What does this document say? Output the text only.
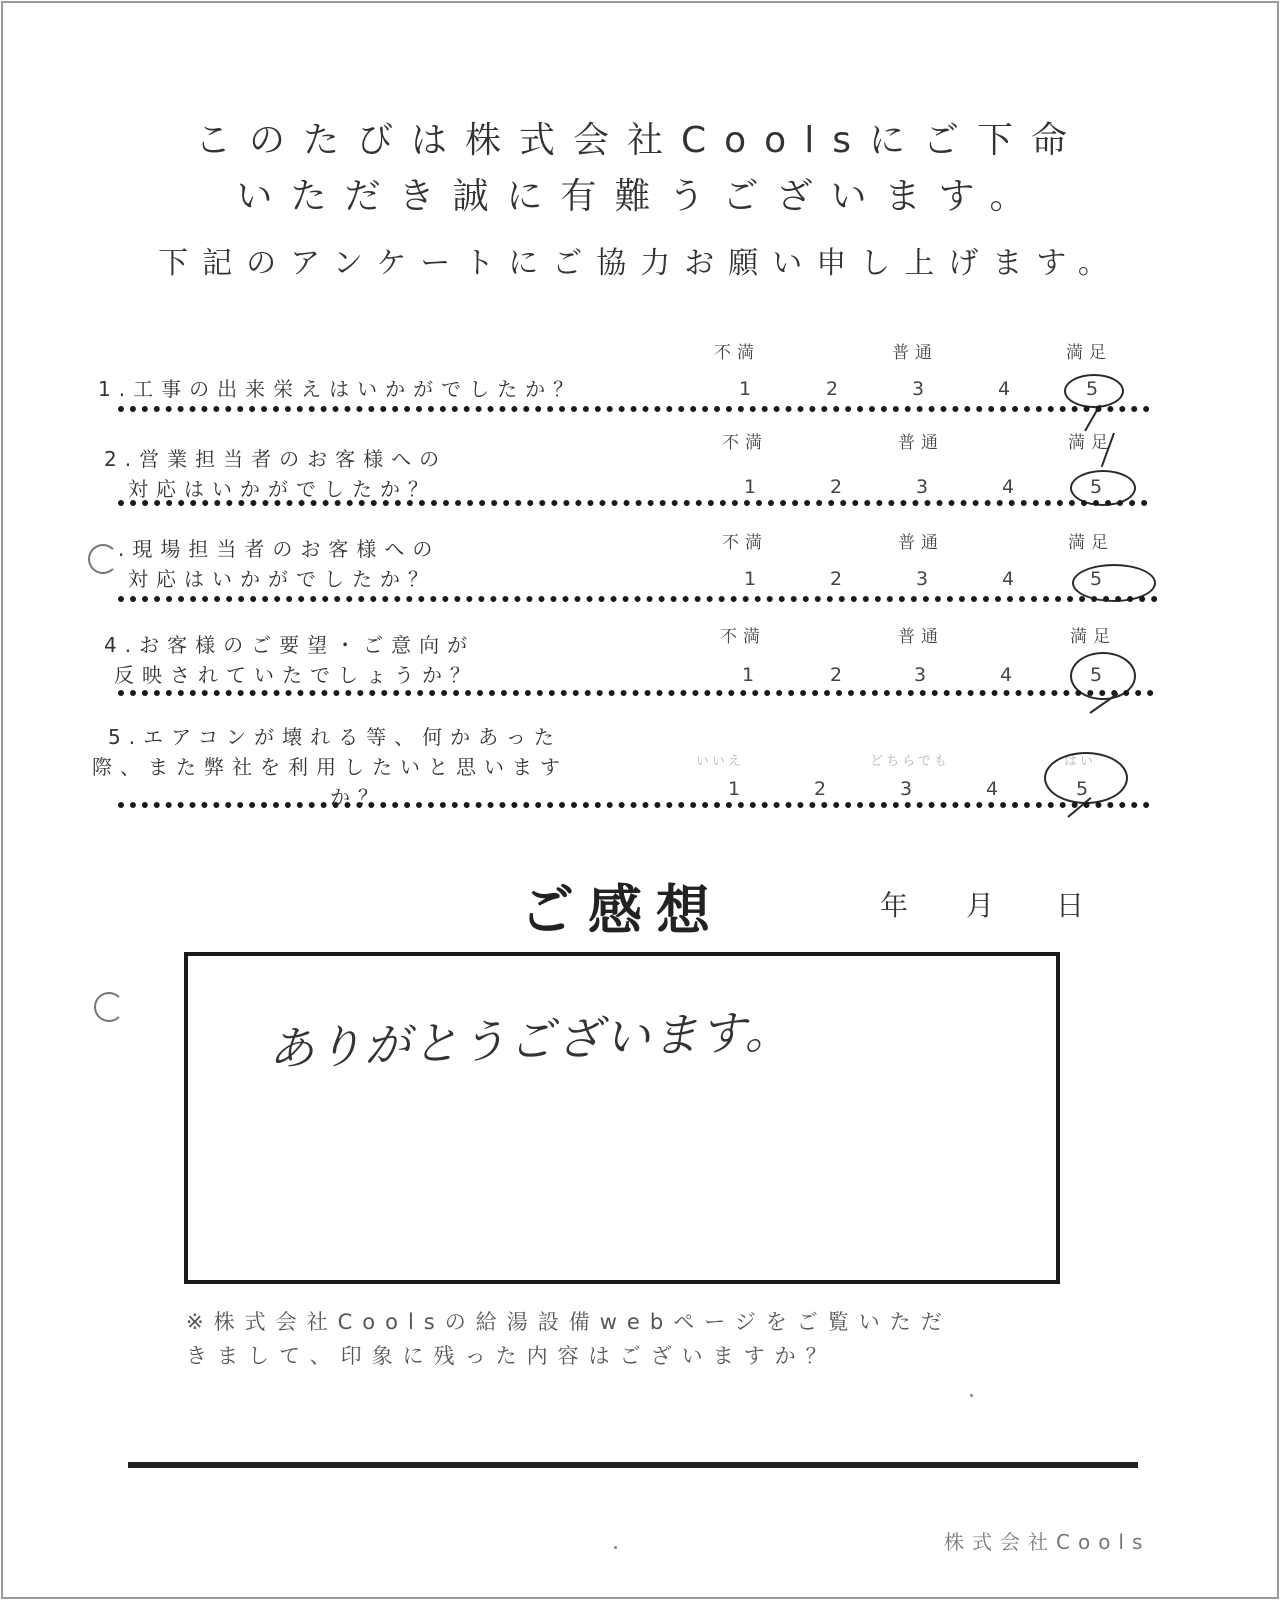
このたびは株式会社Coolsにご下命
いただき誠に有難うございます。
下記のアンケートにご協力お願い申し上げます。
不満	普通	満足
1.工事の出来栄えはいかがでしたか？	1	2	3	4	5
不満	普通	満足
2.営業担当者のお客様への
対応はいかがでしたか？	1	2	3	4	5
不満	普通	満足
.現場担当者のお客様への
対応はいかがでしたか？	1	2	3	4	5
不満	普通	満足
4.お客様のご要望・ご意向が
反映されていたでしょうか？	1	2	3	4	5
いいえ	どちらでも	はい
5.エアコンが壊れる等、何かあった
際、また弊社を利用したいと思います
か？	1	2	3	4	5
ご感想	年 月 日
ありがとうございます。
※株式会社Coolsの給湯設備webページをご覧いただ
きまして、印象に残った内容はございますか？
株式会社Cools
